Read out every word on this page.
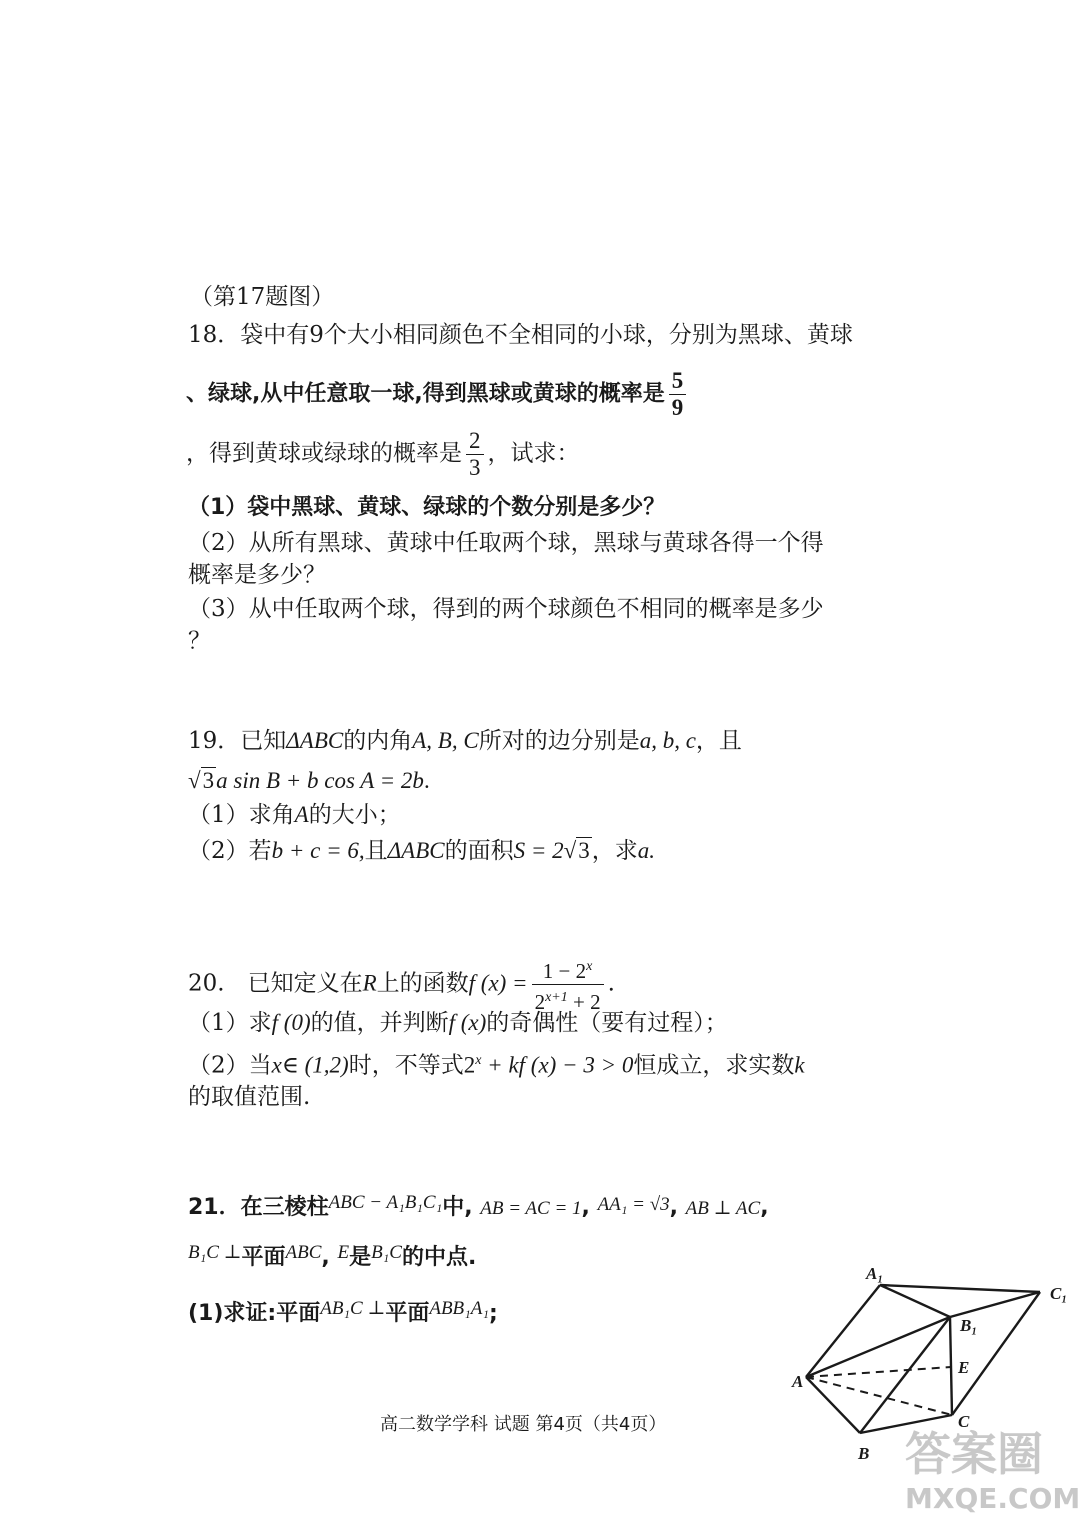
（第17题图）
18．袋中有9个大小相同颜色不全相同的小球，分别为黑球、黄球
、绿球,从中任意取一球,得到黑球或黄球的概率是 $\frac{5}{9}$
，得到黄球或绿球的概率是 $\frac{2}{3}$ ，试求：
（1）袋中黑球、黄球、绿球的个数分别是多少？
（2）从所有黑球、黄球中任取两个球，黑球与黄球各得一个得
概率是多少？
（3）从中任取两个球，得到的两个球颜色不相同的概率是多少
？
19．已知ΔABC的内角A, B, C所对的边分别是a, b, c，且
√3a sin B + b cos A = 2b.
（1）求角A的大小；
（2）若b + c = 6,且ΔABC的面积S = 2√3，求a.
20.　已知定义在R上的函数f $(x) = \frac{1 - 2^x}{2^{x+1} + 2}$ .
（1）求f (0)的值，并判断f (x)的奇偶性（要有过程）；
（2）当x∈ (1,2)时，不等式$2^x$ + kf (x) − 3 > 0恒成立，求实数k
的取值范围.
21．在三棱柱ABC − A₁B₁C₁中, AB = AC = 1, AA₁ = √3, AB ⊥ AC,
B₁C ⊥平面ABC, E是B₁C的中点.
(1)求证:平面AB₁C ⊥平面ABB₁A₁;
A₁
C₁
B₁
E
A
C
B
高二数学学科 试题 第4页（共4页）
答案圈
MXQE.COM
